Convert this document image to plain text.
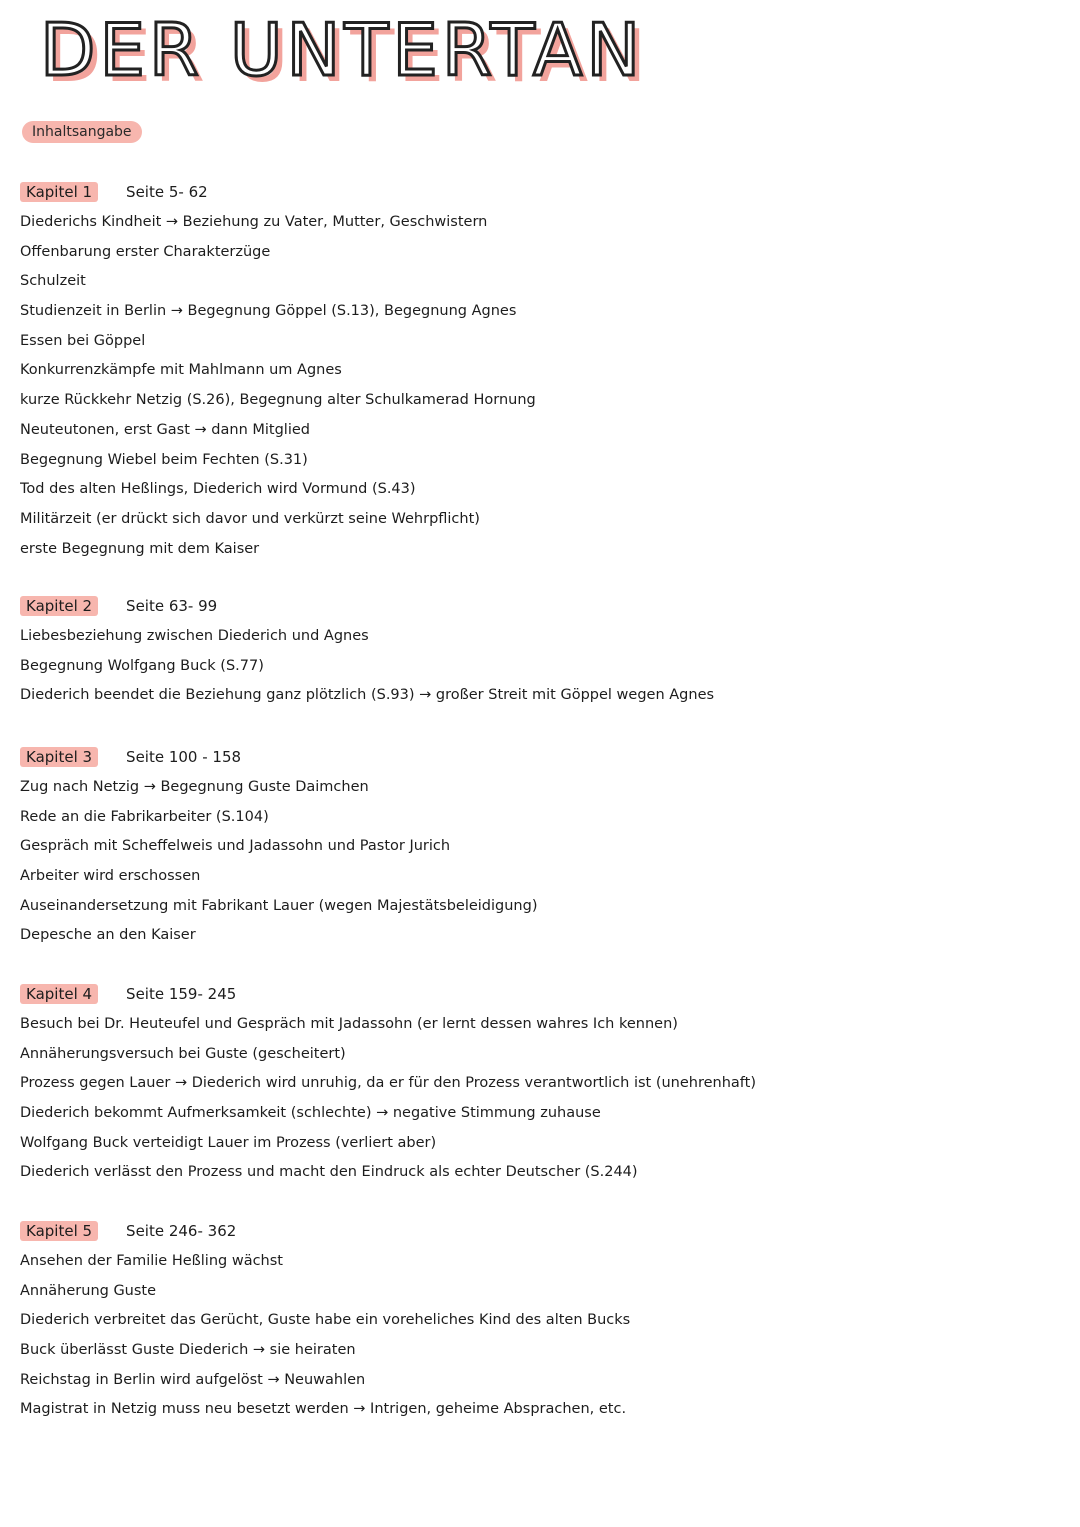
DER UNTERTAN
Inhaltsangabe
Kapitel 1	Seite 5- 62
Diederichs Kindheit → Beziehung zu Vater, Mutter, Geschwistern
Offenbarung erster Charakterzüge
Schulzeit
Studienzeit in Berlin → Begegnung Göppel (S.13), Begegnung Agnes
Essen bei Göppel
Konkurrenzkämpfe mit Mahlmann um Agnes
kurze Rückkehr Netzig (S.26), Begegnung alter Schulkamerad Hornung
Neuteutonen, erst Gast → dann Mitglied
Begegnung Wiebel beim Fechten (S.31)
Tod des alten Heßlings, Diederich wird Vormund (S.43)
Militärzeit (er drückt sich davor und verkürzt seine Wehrpflicht)
erste Begegnung mit dem Kaiser
Kapitel 2	Seite 63- 99
Liebesbeziehung zwischen Diederich und Agnes
Begegnung Wolfgang Buck (S.77)
Diederich beendet die Beziehung ganz plötzlich (S.93) → großer Streit mit Göppel wegen Agnes
Kapitel 3	Seite 100 - 158
Zug nach Netzig → Begegnung Guste Daimchen
Rede an die Fabrikarbeiter (S.104)
Gespräch mit Scheffelweis und Jadassohn und Pastor Jurich
Arbeiter wird erschossen
Auseinandersetzung mit Fabrikant Lauer (wegen Majestätsbeleidigung)
Depesche an den Kaiser
Kapitel 4	Seite 159- 245
Besuch bei Dr. Heuteufel und Gespräch mit Jadassohn (er lernt dessen wahres Ich kennen)
Annäherungsversuch bei Guste (gescheitert)
Prozess gegen Lauer → Diederich wird unruhig, da er für den Prozess verantwortlich ist (unehrenhaft)
Diederich bekommt Aufmerksamkeit (schlechte) → negative Stimmung zuhause
Wolfgang Buck verteidigt Lauer im Prozess (verliert aber)
Diederich verlässt den Prozess und macht den Eindruck als echter Deutscher (S.244)
Kapitel 5	Seite 246- 362
Ansehen der Familie Heßling wächst
Annäherung Guste
Diederich verbreitet das Gerücht, Guste habe ein voreheliches Kind des alten Bucks
Buck überlässt Guste Diederich → sie heiraten
Reichstag in Berlin wird aufgelöst → Neuwahlen
Magistrat in Netzig muss neu besetzt werden → Intrigen, geheime Absprachen, etc.
